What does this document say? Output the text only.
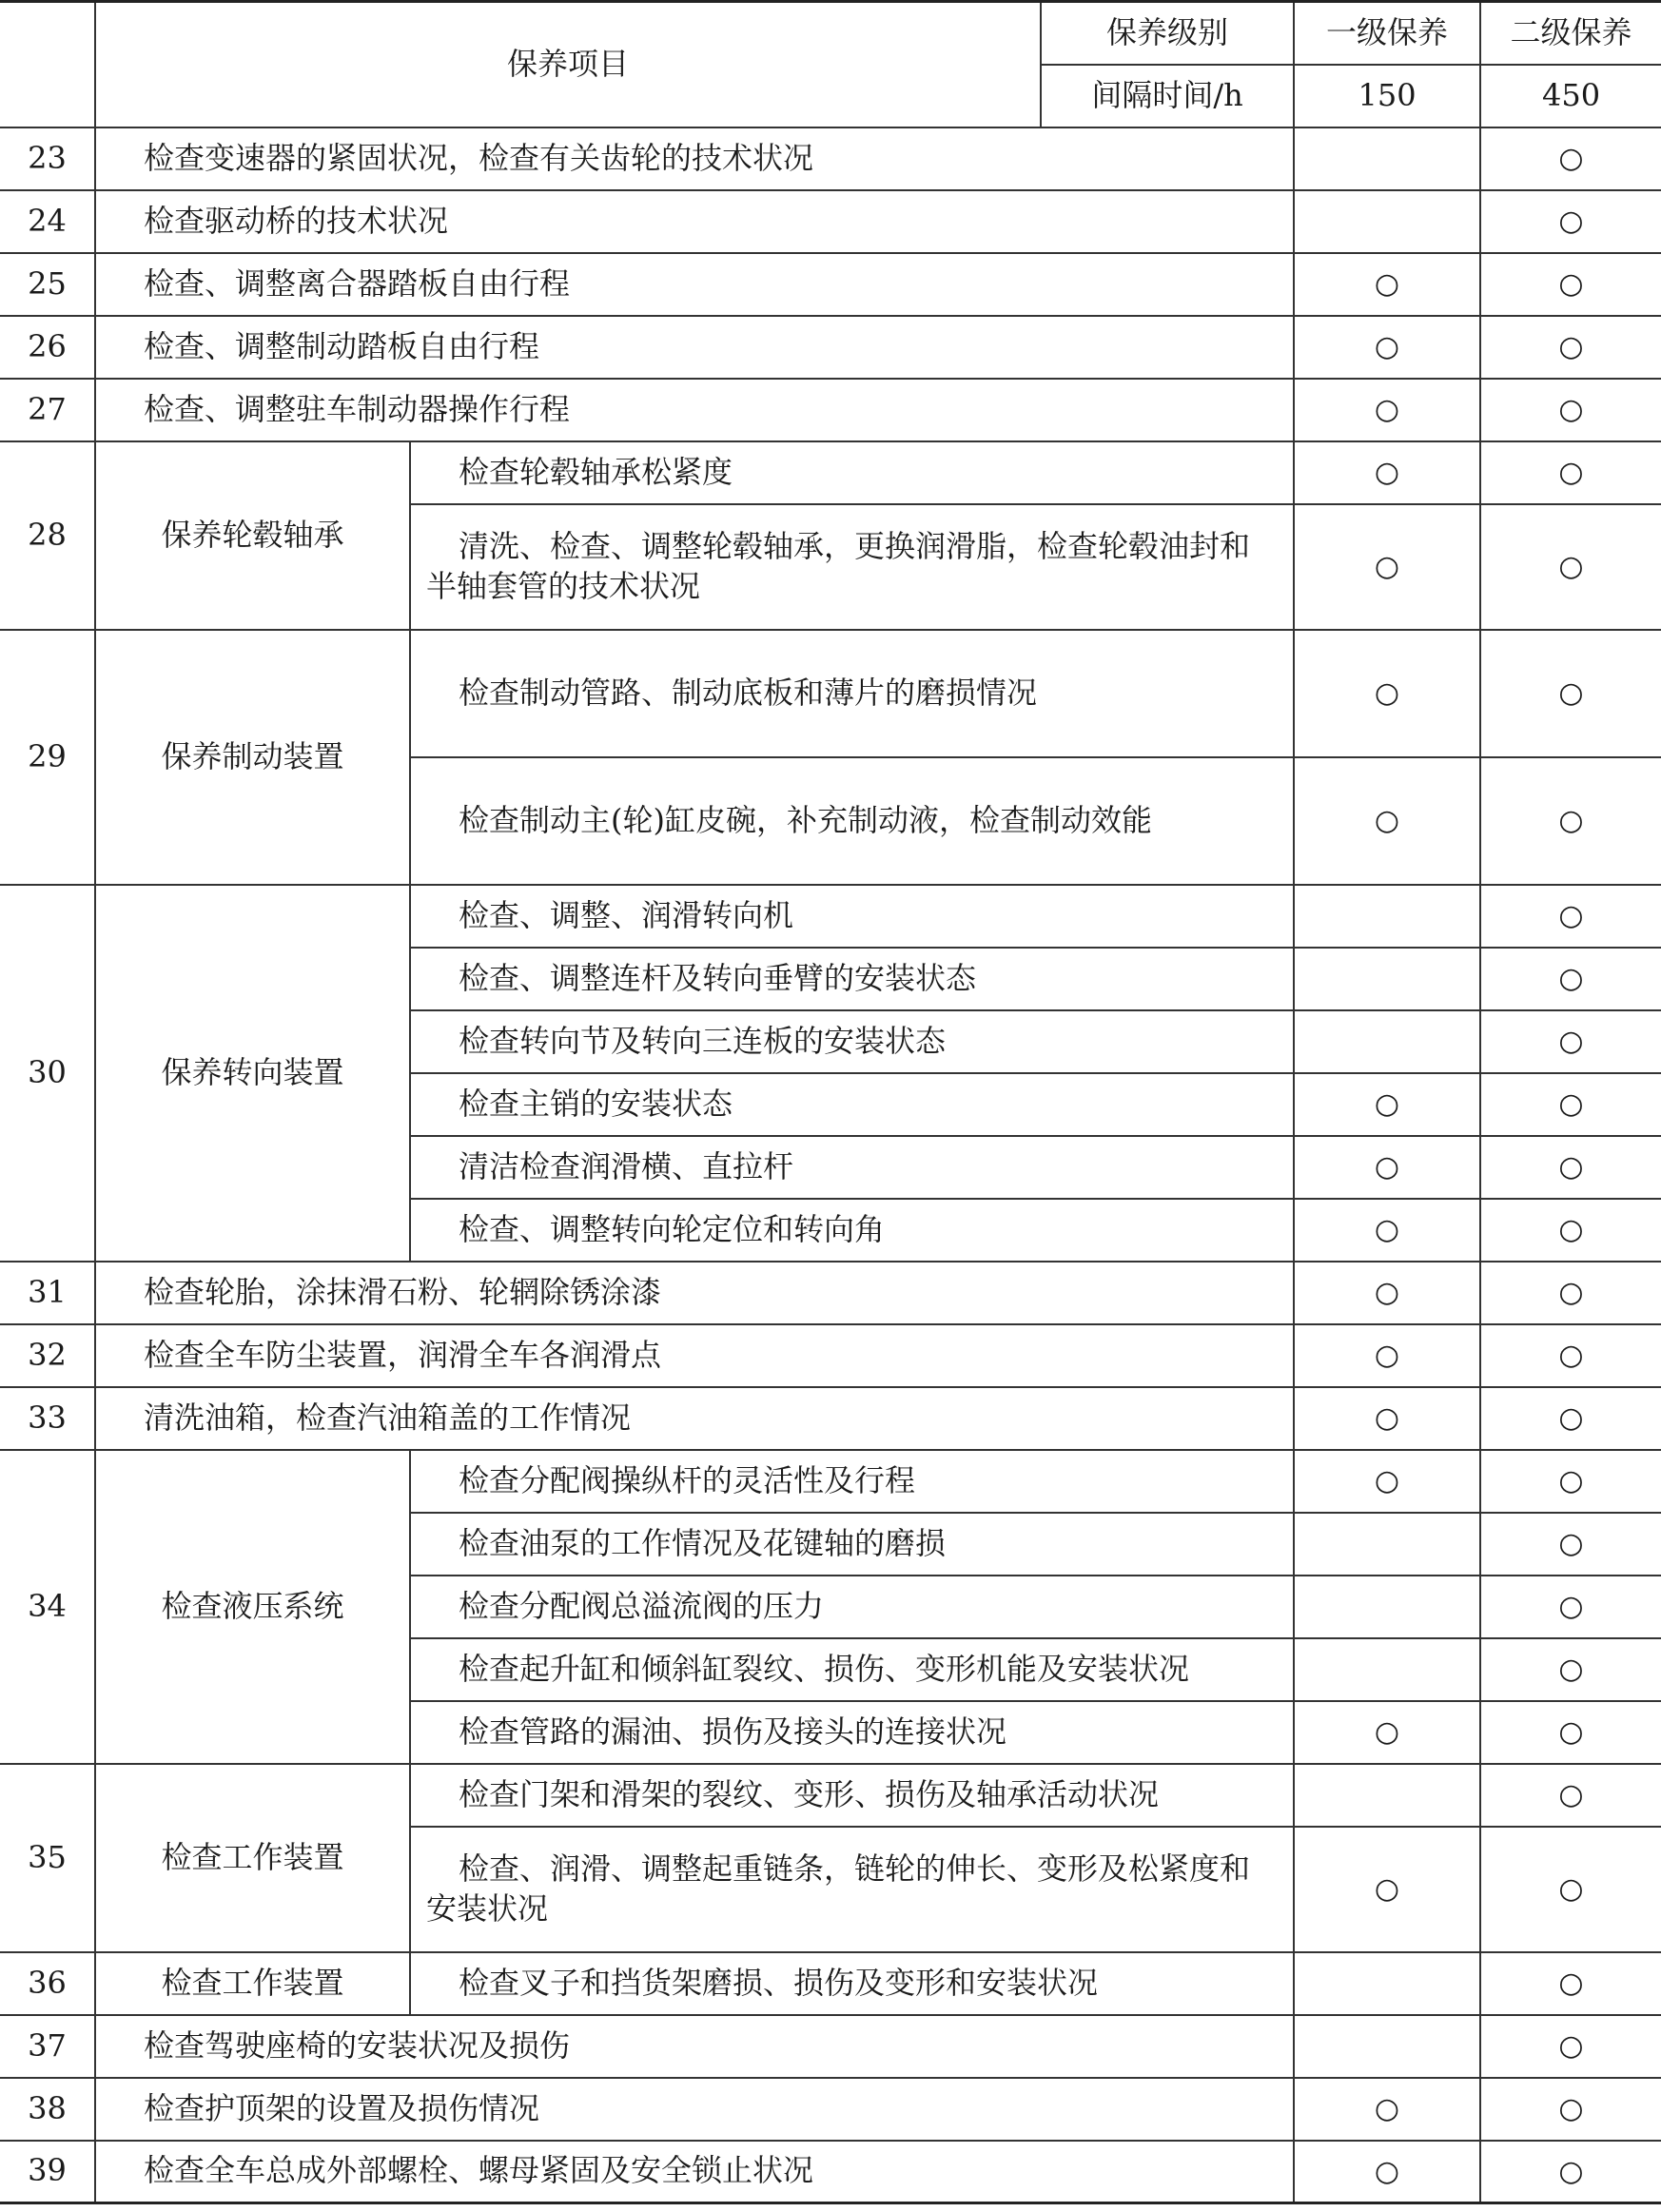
	保养项目		保养级别	一级保养	二级保养
			间隔时间/h	150	450
23	检查变速器的紧固状况，检查有关齿轮的技术状况				○
24	检查驱动桥的技术状况				○
25	检查、调整离合器踏板自由行程			○	○
26	检查、调整制动踏板自由行程			○	○
27	检查、调整驻车制动器操作行程			○	○
28	保养轮毂轴承	检查轮毂轴承松紧度		○	○
		清洗、检查、调整轮毂轴承，更换润滑脂，检查轮毂油封和半轴套管的技术状况		○	○
29	保养制动装置	检查制动管路、制动底板和薄片的磨损情况		○	○
		检查制动主(轮)缸皮碗，补充制动液，检查制动效能		○	○
30	保养转向装置	检查、调整、润滑转向机			○
		检查、调整连杆及转向垂臂的安装状态			○
		检查转向节及转向三连板的安装状态			○
		检查主销的安装状态		○	○
		清洁检查润滑横、直拉杆		○	○
		检查、调整转向轮定位和转向角		○	○
31	检查轮胎，涂抹滑石粉、轮辋除锈涂漆			○	○
32	检查全车防尘装置，润滑全车各润滑点			○	○
33	清洗油箱，检查汽油箱盖的工作情况			○	○
34	检查液压系统	检查分配阀操纵杆的灵活性及行程		○	○
		检查油泵的工作情况及花键轴的磨损			○
		检查分配阀总溢流阀的压力			○
		检查起升缸和倾斜缸裂纹、损伤、变形机能及安装状况			○
		检查管路的漏油、损伤及接头的连接状况		○	○
35	检查工作装置	检查门架和滑架的裂纹、变形、损伤及轴承活动状况			○
		检查、润滑、调整起重链条，链轮的伸长、变形及松紧度和安装状况		○	○
36	检查工作装置	检查叉子和挡货架磨损、损伤及变形和安装状况			○
37	检查驾驶座椅的安装状况及损伤				○
38	检查护顶架的设置及损伤情况			○	○
39	检查全车总成外部螺栓、螺母紧固及安全锁止状况			○	○
